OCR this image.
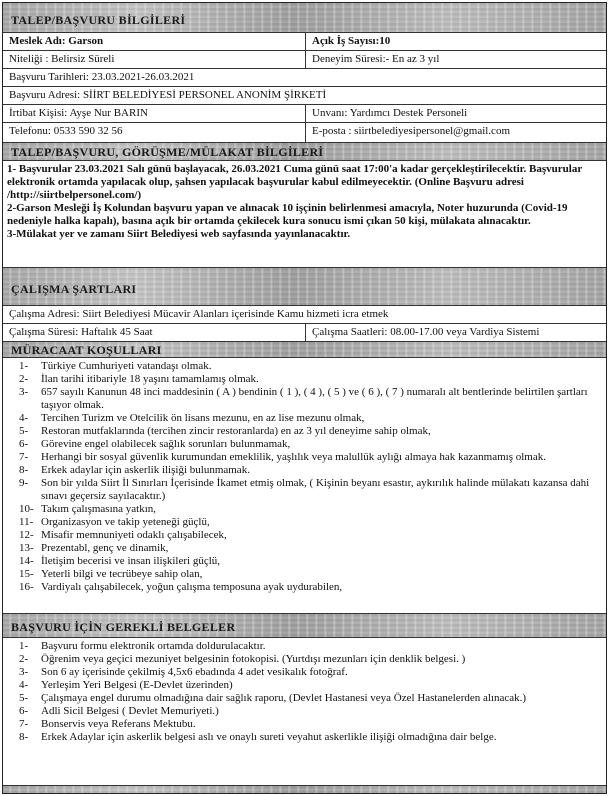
TALEP/BAŞVURU BİLGİLERİ
Meslek Adı: Garson	Açık İş Sayısı:10
Niteliği : Belirsiz Süreli	Deneyim Süresi:- En az 3 yıl
Başvuru Tarihleri: 23.03.2021-26.03.2021
Başvuru Adresi: SİİRT BELEDİYESİ PERSONEL ANONİM ŞİRKETİ
İrtibat Kişisi: Ayşe Nur BARIN	Unvanı: Yardımcı Destek Personeli
Telefonu: 0533 590 32 56	E-posta : siirtbelediyesipersonel@gmail.com
TALEP/BAŞVURU, GÖRÜŞME/MÜLAKAT BİLGİLERİ

1- Başvurular 23.03.2021 Salı günü başlayacak, 26.03.2021 Cuma günü saat 17:00'a kadar gerçekleştirilecektir. Başvurular elektronik ortamda yapılacak olup, şahsen yapılacak başvurular kabul edilmeyecektir. (Online Başvuru adresi /http://siirtbelpersonel.com/)

2-Garson Mesleği İş Kolundan başvuru yapan ve alınacak 10 işçinin belirlenmesi amacıyla, Noter huzurunda (Covid-19 nedeniyle halka kapalı), basına açık bir ortamda çekilecek kura sonucu ismi çıkan 50 kişi, mülakata alınacaktır.

3-Mülakat yer ve zamanı Siirt Belediyesi web sayfasında yayınlanacaktır.

ÇALIŞMA ŞARTLARI
Çalışma Adresi: Siirt Belediyesi Mücavir Alanları içerisinde Kamu hizmeti icra etmek
Çalışma Süresi: Haftalık 45 Saat	Çalışma Saatleri: 08.00-17.00 veya Vardiya Sistemi
MÜRACAAT KOŞULLARI
1-	Türkiye Cumhuriyeti vatandaşı olmak.
2-	İlan tarihi itibariyle 18 yaşını tamamlamış olmak.
3-	657 sayılı Kanunun 48 inci maddesinin ( A ) bendinin ( 1 ), ( 4 ), ( 5 ) ve ( 6 ), ( 7 ) numaralı alt bentlerinde belirtilen şartları taşıyor olmak.
4-	Tercihen Turizm ve Otelcilik ön lisans mezunu, en az lise mezunu olmak,
5-	Restoran mutfaklarında (tercihen zincir restoranlarda) en az 3 yıl deneyime sahip olmak,
6-	Görevine engel olabilecek sağlık sorunları bulunmamak,
7-	Herhangi bir sosyal güvenlik kurumundan emeklilik, yaşlılık veya malullük aylığı almaya hak kazanmamış olmak.
8-	Erkek adaylar için askerlik ilişiği bulunmamak.
9-	Son bir yılda Siirt İl Sınırları İçerisinde İkamet etmiş olmak, ( Kişinin beyanı esastır, aykırılık halinde mülakatı kazansa dahi sınavı geçersiz sayılacaktır.)
10- Takım çalışmasına yatkın,
11- Organizasyon ve takip yeteneği güçlü,
12- Misafir memnuniyeti odaklı çalışabilecek,
13- Prezentabl, genç ve dinamik,
14- İletişim becerisi ve insan ilişkileri güçlü,
15- Yeterli bilgi ve tecrübeye sahip olan,
16- Vardiyalı çalışabilecek, yoğun çalışma temposuna ayak uydurabilen,
BAŞVURU İÇİN GEREKLİ BELGELER
1-	Başvuru formu elektronik ortamda doldurulacaktır.
2-	Öğrenim veya geçici mezuniyet belgesinin fotokopisi. (Yurtdışı mezunları için denklik belgesi. )
3-	Son 6 ay içerisinde çekilmiş 4,5x6 ebadında 4 adet vesikalık fotoğraf.
4-	Yerleşim Yeri Belgesi (E-Devlet üzerinden)
5-	Çalışmaya engel durumu olmadığına dair sağlık raporu, (Devlet Hastanesi veya Özel Hastanelerden alınacak.)
6-	Adli Sicil Belgesi ( Devlet Memuriyeti.)
7-	Bonservis veya Referans Mektubu.
8-	Erkek Adaylar için askerlik belgesi aslı ve onaylı sureti veyahut askerlikle ilişiği olmadığına dair belge.
